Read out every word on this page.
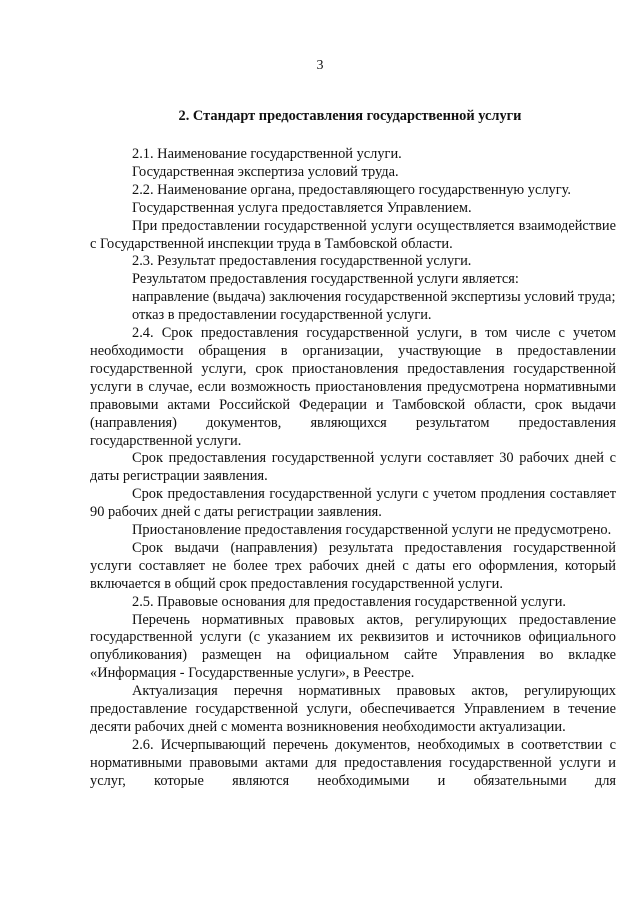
3
2. Стандарт предоставления государственной услуги

2.1. Наименование государственной услуги.

Государственная экспертиза условий труда.

2.2. Наименование органа, предоставляющего государственную услугу.

Государственная услуга предоставляется Управлением.

При предоставлении государственной услуги осуществляется взаимодействие с Государственной инспекции труда в Тамбовской области.

2.3. Результат предоставления государственной услуги.

Результатом предоставления государственной услуги является:

направление (выдача) заключения государственной экспертизы условий труда;

отказ в предоставлении государственной услуги.

2.4. Срок предоставления государственной услуги, в том числе с учетом необходимости обращения в организации, участвующие в предоставлении государственной услуги, срок приостановления предоставления государственной услуги в случае, если возможность приостановления предусмотрена нормативными правовыми актами Российской Федерации и Тамбовской области, срок выдачи (направления) документов, являющихся результатом предоставления государственной услуги.

Срок предоставления государственной услуги составляет 30 рабочих дней с даты регистрации заявления.

Срок предоставления государственной услуги с учетом продления составляет 90 рабочих дней с даты регистрации заявления.

Приостановление предоставления государственной услуги не предусмотрено.

Срок выдачи (направления) результата предоставления государственной услуги составляет не более трех рабочих дней с даты его оформления, который включается в общий срок предоставления государственной услуги.

2.5. Правовые основания для предоставления государственной услуги.

Перечень нормативных правовых актов, регулирующих предоставление государственной услуги (с указанием их реквизитов и источников официального опубликования) размещен на официальном сайте Управления во вкладке «Информация - Государственные услуги», в Реестре.

Актуализация перечня нормативных правовых актов, регулирующих предоставление государственной услуги, обеспечивается Управлением в течение десяти рабочих дней с момента возникновения необходимости актуализации.

2.6. Исчерпывающий перечень документов, необходимых в соответствии с нормативными правовыми актами для предоставления государственной услуги и услуг, которые являются необходимыми и обязательными для
